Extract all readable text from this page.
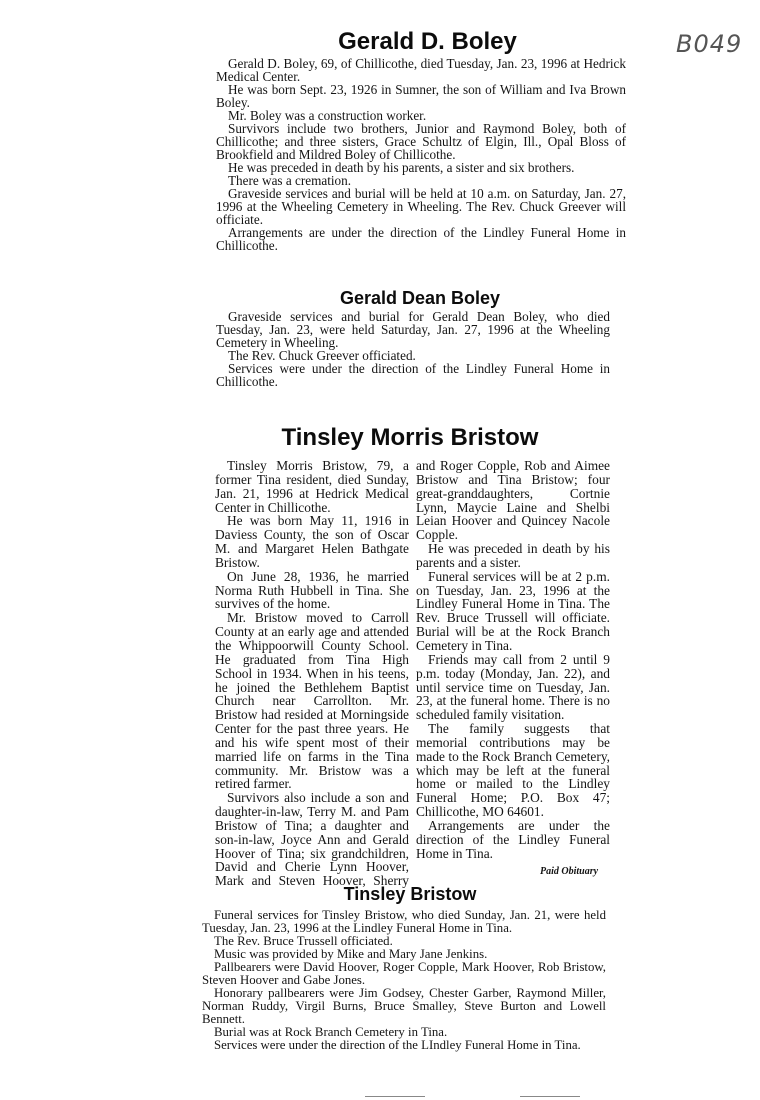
B049
Gerald D. Boley

Gerald D. Boley, 69, of Chillicothe, died Tuesday, Jan. 23, 1996 at Hedrick Medical Center.

He was born Sept. 23, 1926 in Sumner, the son of William and Iva Brown Boley.

Mr. Boley was a construction worker.

Survivors include two brothers, Junior and Raymond Boley, both of Chillicothe; and three sisters, Grace Schultz of Elgin, Ill., Opal Bloss of Brookfield and Mildred Boley of Chillicothe.

He was preceded in death by his parents, a sister and six brothers.

There was a cremation.

Graveside services and burial will be held at 10 a.m. on Saturday, Jan. 27, 1996 at the Wheeling Cemetery in Wheeling. The Rev. Chuck Greever will officiate.

Arrangements are under the direction of the Lindley Funeral Home in Chillicothe.

Gerald Dean Boley

Graveside services and burial for Gerald Dean Boley, who died Tuesday, Jan. 23, were held Saturday, Jan. 27, 1996 at the Wheeling Cemetery in Wheeling.

The Rev. Chuck Greever officiated.

Services were under the direction of the Lindley Funeral Home in Chillicothe.

Tinsley Morris Bristow

Tinsley Morris Bristow, 79, a former Tina resident, died Sunday, Jan. 21, 1996 at Hedrick Medical Center in Chillicothe.

He was born May 11, 1916 in Daviess County, the son of Oscar M. and Margaret Helen Bathgate Bristow.

On June 28, 1936, he married Norma Ruth Hubbell in Tina. She survives of the home.

Mr. Bristow moved to Carroll County at an early age and attended the Whippoorwill County School. He graduated from Tina High School in 1934. When in his teens, he joined the Bethlehem Baptist Church near Carrollton. Mr. Bristow had resided at Morningside Center for the past three years. He and his wife spent most of their married life on farms in the Tina community. Mr. Bristow was a retired farmer.

Survivors also include a son and daughter-in-law, Terry M. and Pam Bristow of Tina; a daughter and son-in-law, Joyce Ann and Gerald Hoover of Tina; six grandchildren, David and Cherie Lynn Hoover, Mark and Steven Hoover, Sherry

and Roger Copple, Rob and Aimee Bristow and Tina Bristow; four great-granddaughters, Cortnie Lynn, Maycie Laine and Shelbi Leian Hoover and Quincey Nacole Copple.

He was preceded in death by his parents and a sister.

Funeral services will be at 2 p.m. on Tuesday, Jan. 23, 1996 at the Lindley Funeral Home in Tina. The Rev. Bruce Trussell will officiate. Burial will be at the Rock Branch Cemetery in Tina.

Friends may call from 2 until 9 p.m. today (Monday, Jan. 22), and until service time on Tuesday, Jan. 23, at the funeral home. There is no scheduled family visitation.

The family suggests that memorial contributions may be made to the Rock Branch Cemetery, which may be left at the funeral home or mailed to the Lindley Funeral Home; P.O. Box 47; Chillicothe, MO 64601.

Arrangements are under the direction of the Lindley Funeral Home in Tina.

Paid Obituary
Tinsley Bristow

Funeral services for Tinsley Bristow, who died Sunday, Jan. 21, were held Tuesday, Jan. 23, 1996 at the Lindley Funeral Home in Tina.

The Rev. Bruce Trussell officiated.

Music was provided by Mike and Mary Jane Jenkins.

Pallbearers were David Hoover, Roger Copple, Mark Hoover, Rob Bristow, Steven Hoover and Gabe Jones.

Honorary pallbearers were Jim Godsey, Chester Garber, Raymond Miller, Norman Ruddy, Virgil Burns, Bruce Smalley, Steve Burton and Lowell Bennett.

Burial was at Rock Branch Cemetery in Tina.

Services were under the direction of the LIndley Funeral Home in Tina.
